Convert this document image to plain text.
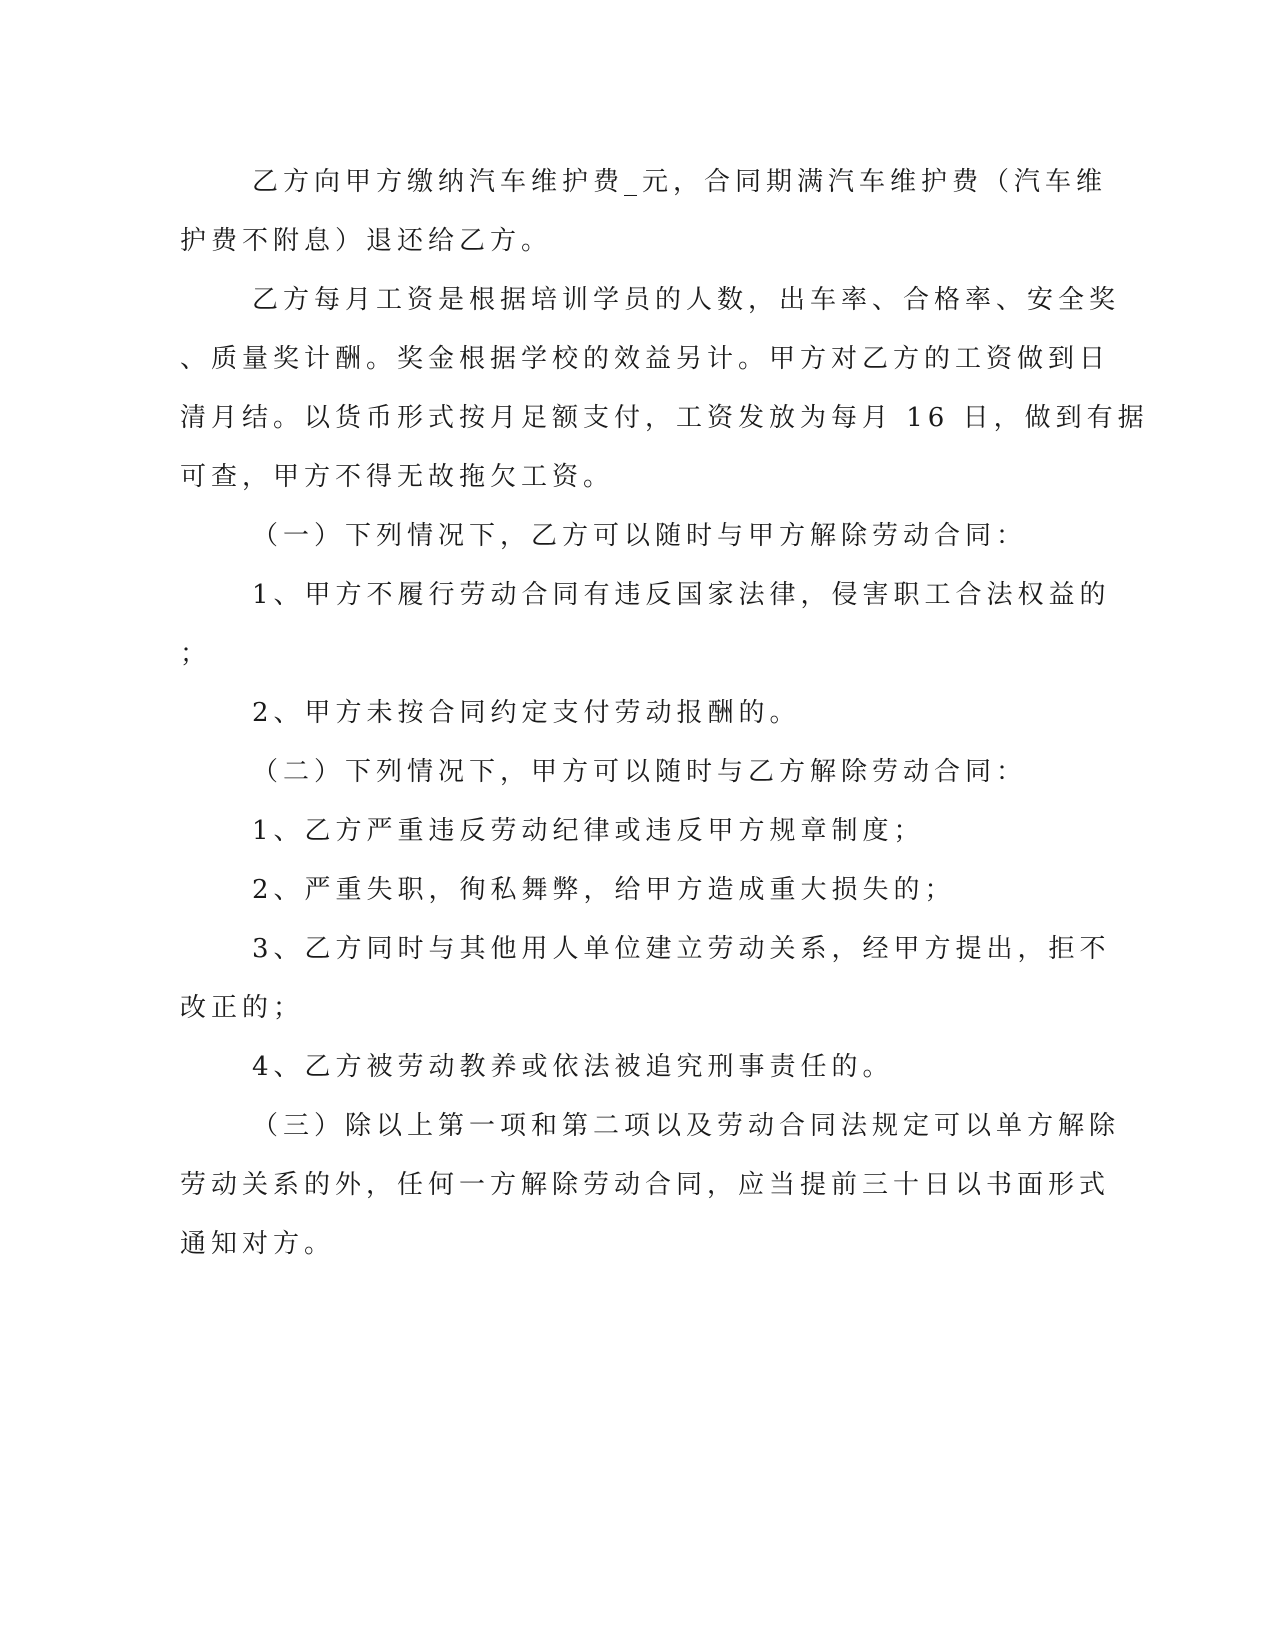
乙方向甲方缴纳汽车维护费_元，合同期满汽车维护费（汽车维
护费不附息）退还给乙方。
乙方每月工资是根据培训学员的人数，出车率、合格率、安全奖
、质量奖计酬。奖金根据学校的效益另计。甲方对乙方的工资做到日
清月结。以货币形式按月足额支付，工资发放为每月 16 日，做到有据
可查，甲方不得无故拖欠工资。
（一）下列情况下，乙方可以随时与甲方解除劳动合同：
1、甲方不履行劳动合同有违反国家法律，侵害职工合法权益的
；
2、甲方未按合同约定支付劳动报酬的。
（二）下列情况下，甲方可以随时与乙方解除劳动合同：
1、乙方严重违反劳动纪律或违反甲方规章制度；
2、严重失职，徇私舞弊，给甲方造成重大损失的；
3、乙方同时与其他用人单位建立劳动关系，经甲方提出，拒不
改正的；
4、乙方被劳动教养或依法被追究刑事责任的。
（三）除以上第一项和第二项以及劳动合同法规定可以单方解除
劳动关系的外，任何一方解除劳动合同，应当提前三十日以书面形式
通知对方。
